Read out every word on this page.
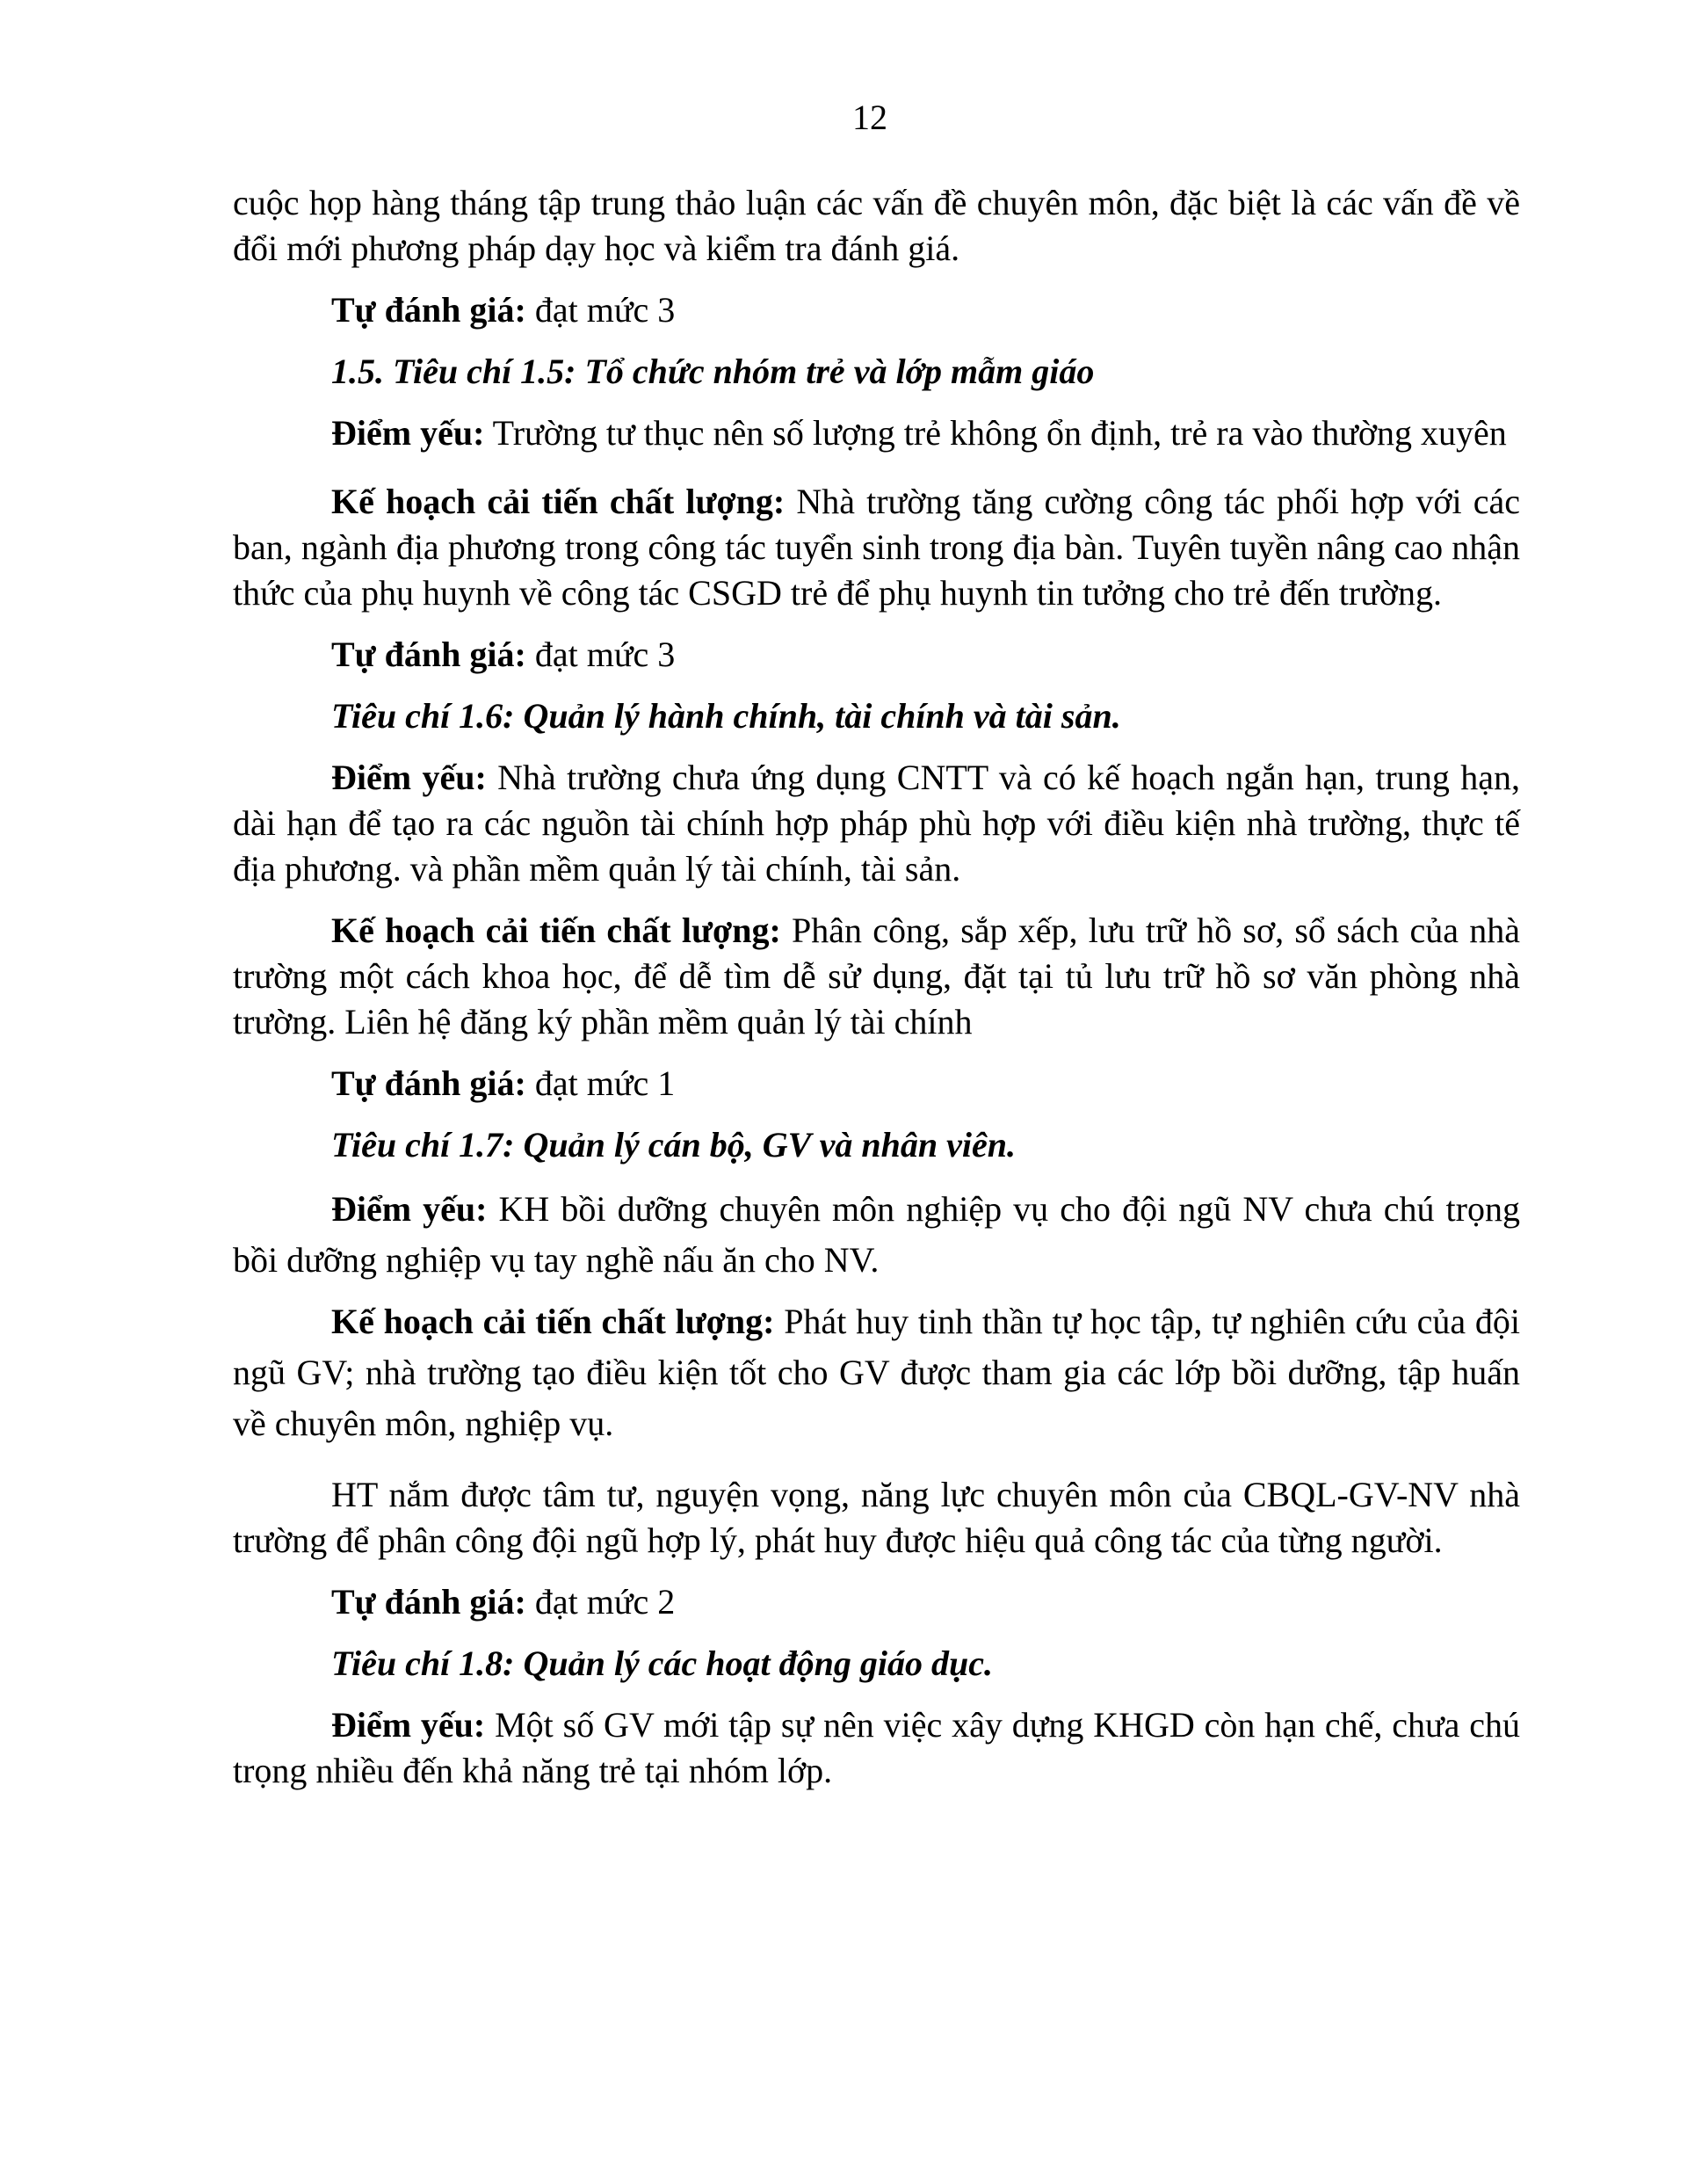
12

cuộc họp hàng tháng tập trung thảo luận các vấn đề chuyên môn, đặc biệt là các vấn đề về đổi mới phương pháp dạy học và kiểm tra đánh giá.

Tự đánh giá: đạt mức 3

1.5. Tiêu chí 1.5: Tổ chức nhóm trẻ và lớp mẫm giáo

Điểm yếu: Trường tư thục nên số lượng trẻ không ổn định, trẻ ra vào thường xuyên

Kế hoạch cải tiến chất lượng: Nhà trường tăng cường công tác phối hợp với các ban, ngành địa phương trong công tác tuyển sinh trong địa bàn. Tuyên tuyền nâng cao nhận thức của phụ huynh về công tác CSGD trẻ để phụ huynh tin tưởng cho trẻ đến trường.

Tự đánh giá: đạt mức 3

Tiêu chí 1.6: Quản lý hành chính, tài chính và tài sản.

Điểm yếu: Nhà trường chưa ứng dụng CNTT và có kế hoạch ngắn hạn, trung hạn, dài hạn để tạo ra các nguồn tài chính hợp pháp phù hợp với điều kiện nhà trường, thực tế địa phương. và phần mềm quản lý tài chính, tài sản.

Kế hoạch cải tiến chất lượng: Phân công, sắp xếp, lưu trữ hồ sơ, sổ sách của nhà trường một cách khoa học, để dễ tìm dễ sử dụng, đặt tại tủ lưu trữ hồ sơ văn phòng nhà trường. Liên hệ đăng ký phần mềm quản lý tài chính

Tự đánh giá: đạt mức 1

Tiêu chí 1.7: Quản lý cán bộ, GV và nhân viên.

Điểm yếu: KH bồi dưỡng chuyên môn nghiệp vụ cho đội ngũ NV chưa chú trọng bồi dưỡng nghiệp vụ tay nghề nấu ăn cho NV.

Kế hoạch cải tiến chất lượng: Phát huy tinh thần tự học tập, tự nghiên cứu của đội ngũ GV; nhà trường tạo điều kiện tốt cho GV được tham gia các lớp bồi dưỡng, tập huấn về chuyên môn, nghiệp vụ.

HT nắm được tâm tư, nguyện vọng, năng lực chuyên môn của CBQL-GV-NV nhà trường để phân công đội ngũ hợp lý, phát huy được hiệu quả công tác của từng người.

Tự đánh giá: đạt mức 2

Tiêu chí 1.8: Quản lý các hoạt động giáo dục.

Điểm yếu: Một số GV mới tập sự nên việc xây dựng KHGD còn hạn chế, chưa chú trọng nhiều đến khả năng trẻ tại nhóm lớp.
